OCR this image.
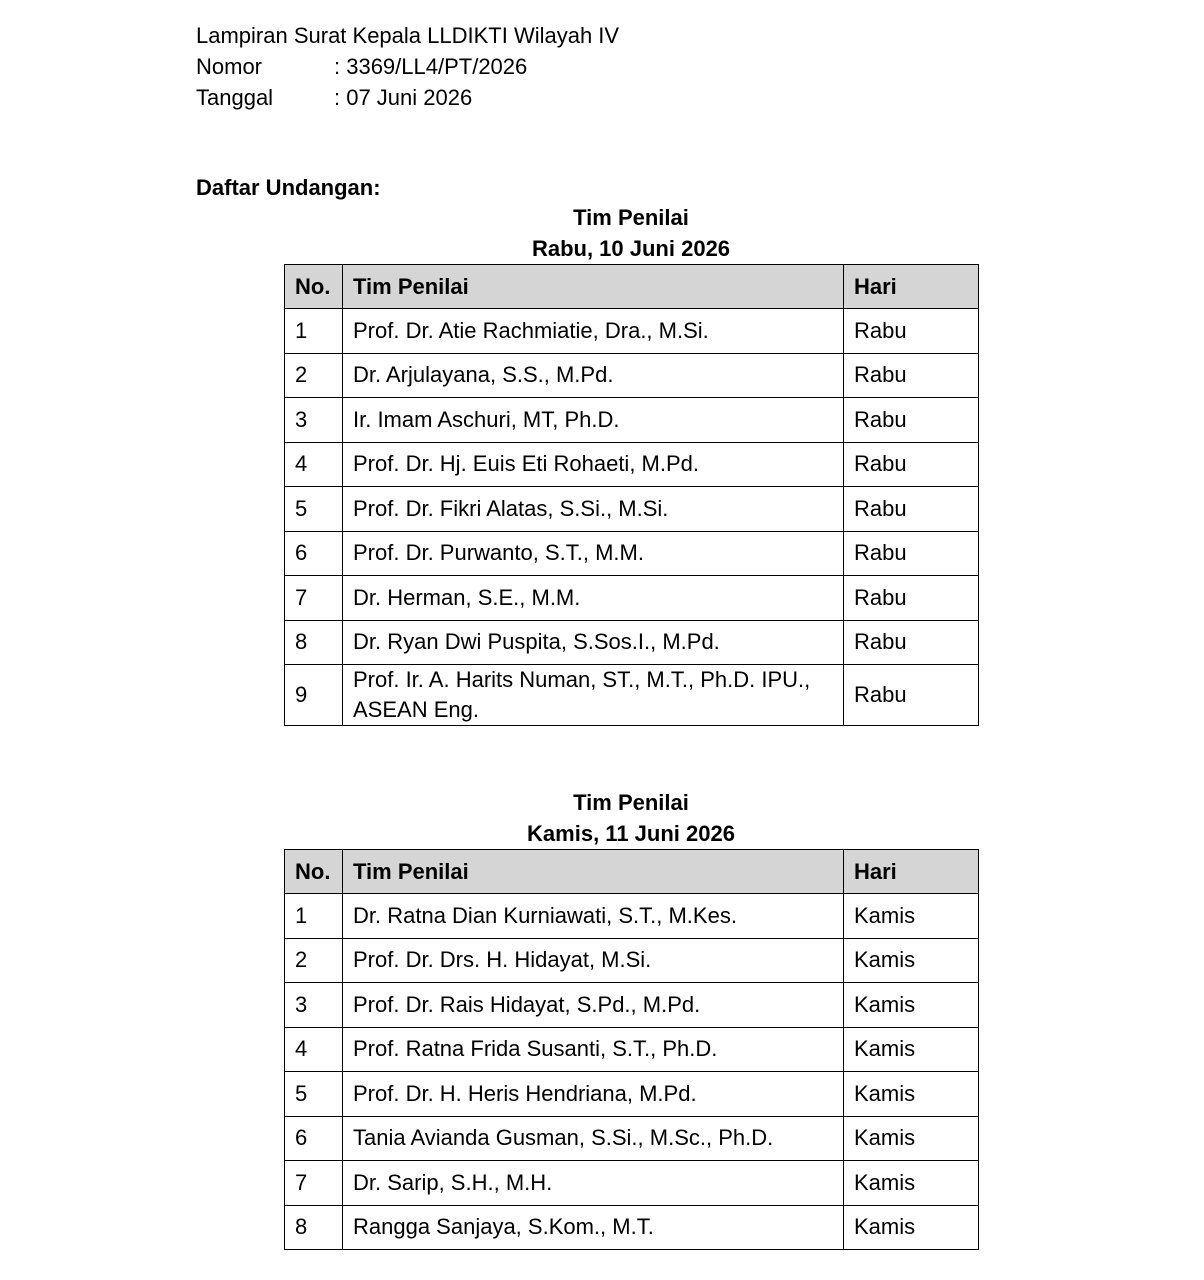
Lampiran Surat Kepala LLDIKTI Wilayah IV
Nomor	: 3369/LL4/PT/2026
Tanggal	: 07 Juni 2026
Daftar Undangan:
Tim Penilai
Rabu, 10 Juni 2026
No.	Tim Penilai	Hari
1	Prof. Dr. Atie Rachmiatie, Dra., M.Si.	Rabu
2	Dr. Arjulayana, S.S., M.Pd.	Rabu
3	Ir. Imam Aschuri, MT, Ph.D.	Rabu
4	Prof. Dr. Hj. Euis Eti Rohaeti, M.Pd.	Rabu
5	Prof. Dr. Fikri Alatas, S.Si., M.Si.	Rabu
6	Prof. Dr. Purwanto, S.T., M.M.	Rabu
7	Dr. Herman, S.E., M.M.	Rabu
8	Dr. Ryan Dwi Puspita, S.Sos.I., M.Pd.	Rabu
9	Prof. Ir. A. Harits Numan, ST., M.T., Ph.D. IPU., ASEAN Eng.	Rabu
Tim Penilai
Kamis, 11 Juni 2026
No.	Tim Penilai	Hari
1	Dr. Ratna Dian Kurniawati, S.T., M.Kes.	Kamis
2	Prof. Dr. Drs. H. Hidayat, M.Si.	Kamis
3	Prof. Dr. Rais Hidayat, S.Pd., M.Pd.	Kamis
4	Prof. Ratna Frida Susanti, S.T., Ph.D.	Kamis
5	Prof. Dr. H. Heris Hendriana, M.Pd.	Kamis
6	Tania Avianda Gusman, S.Si., M.Sc., Ph.D.	Kamis
7	Dr. Sarip, S.H., M.H.	Kamis
8	Rangga Sanjaya, S.Kom., M.T.	Kamis
